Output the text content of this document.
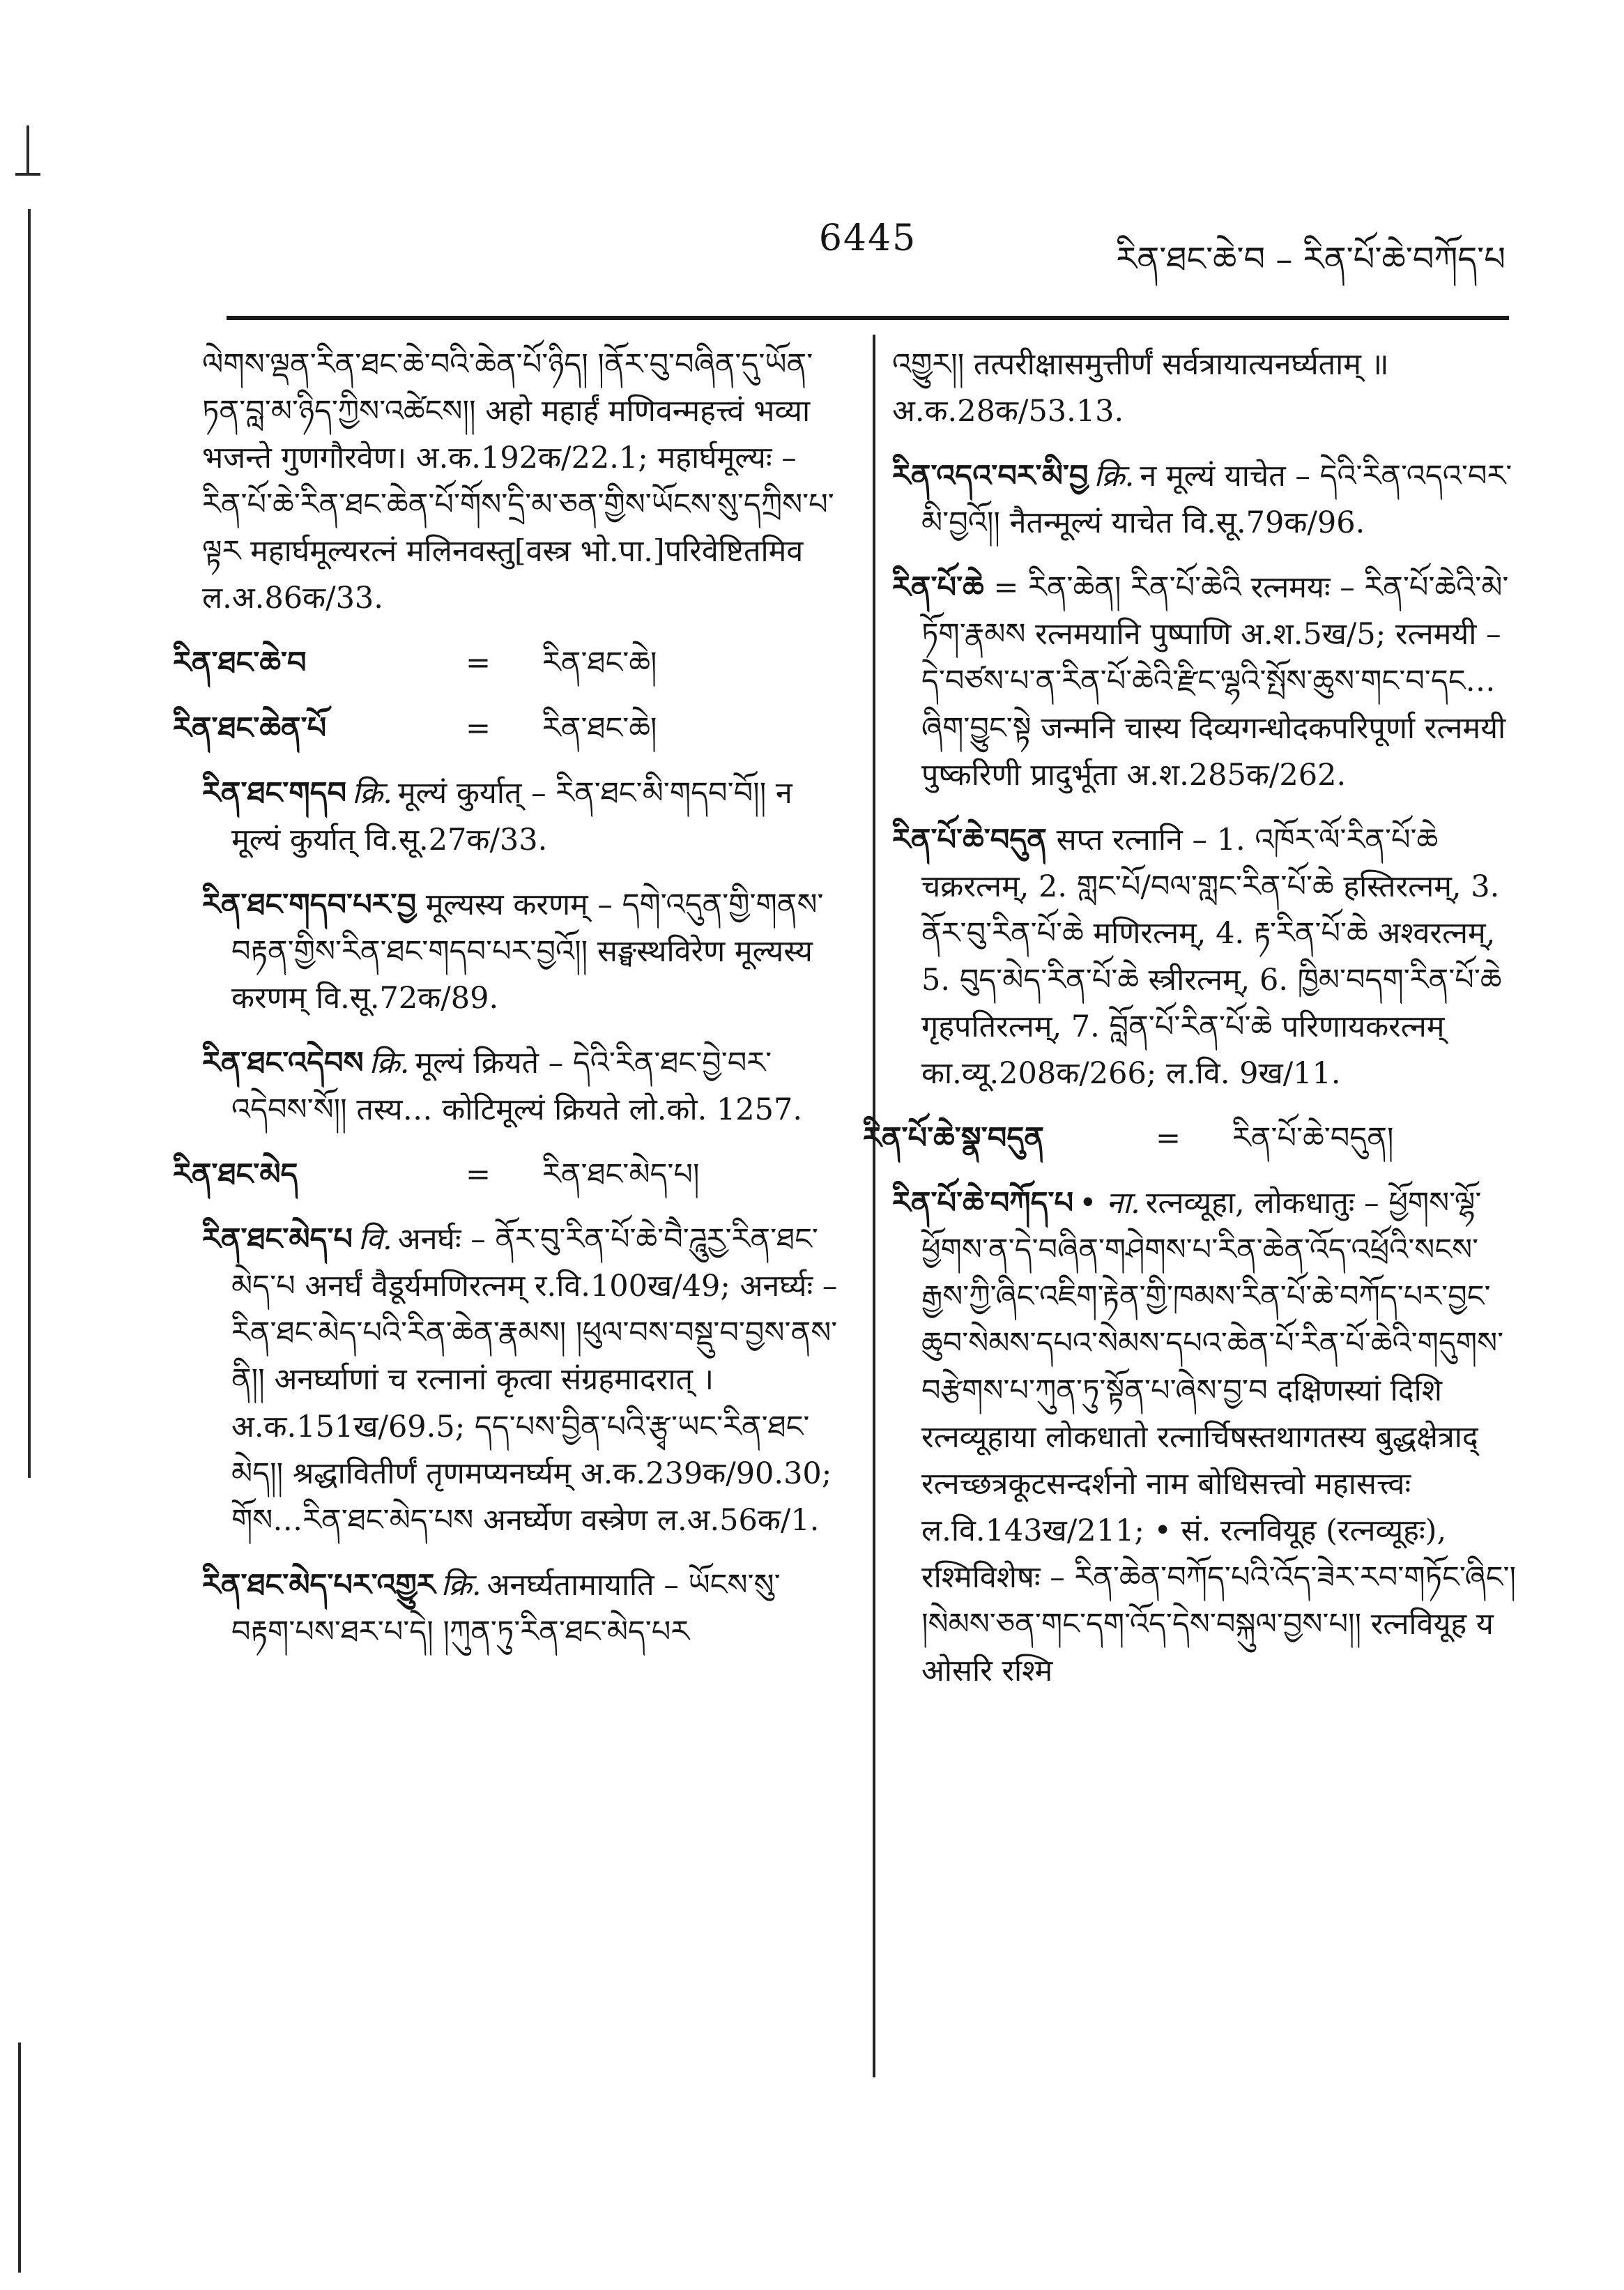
6445	རིན་ཐང་ཆེ་བ – རིན་པོ་ཆེ་བཀོད་པ

ལེགས་ལྡན་རིན་ཐང་ཆེ་བའི་ཆེན་པོ་ཉིད། །ནོར་བུ་བཞིན་དུ་ཡོན་ཏན་བླ་མ་ཉིད་ཀྱིས་འཚེངས།། अहो महार्हं मणिवन्महत्त्वं भव्या भजन्ते गुणगौरवेण। अ.क.192क/22.1; महार्घमूल्यः – རིན་པོ་ཆེ་རིན་ཐང་ཆེན་པོ་གོས་དྲི་མ་ཅན་གྱིས་ཡོངས་སུ་དཀྲིས་པ་ལྟར महार्घमूल्यरत्नं मलिनवस्तु[वस्त्र भो.पा.]परिवेष्टितमिव ल.अ.86क/33.

རིན་ཐང་ཆེ་བ	=	རིན་ཐང་ཆེ།
རིན་ཐང་ཆེན་པོ	=	རིན་ཐང་ཆེ།

རིན་ཐང་གདབ क्रि. मूल्यं कुर्यात् – རིན་ཐང་མི་གདབ་བོ།། न मूल्यं कुर्यात् वि.सू.27क/33.

རིན་ཐང་གདབ་པར་བྱ मूल्यस्य करणम् – དགེ་འདུན་གྱི་གནས་བརྟན་གྱིས་རིན་ཐང་གདབ་པར་བྱའོ།། सङ्घस्थविरेण मूल्यस्य करणम् वि.सू.72क/89.

རིན་ཐང་འདེབས क्रि. मूल्यं क्रियते – དེའི་རིན་ཐང་བྱེ་བར་འདེབས་སོ།། तस्य… कोटिमूल्यं क्रियते लो.को. 1257.

རིན་ཐང་མེད	=	རིན་ཐང་མེད་པ།

རིན་ཐང་མེད་པ वि. अनर्घः – ནོར་བུ་རིན་པོ་ཆེ་བཻ་ཌཱུརྱ་རིན་ཐང་མེད་པ अनर्घं वैडूर्यमणिरत्नम् र.वि.100ख/49; अनर्घ्यः – རིན་ཐང་མེད་པའི་རིན་ཆེན་རྣམས། །ཕུལ་བས་བསྡུ་བ་བྱས་ནས་ནི།། अनर्घ्याणां च रत्नानां कृत्वा संग्रहमादरात् । अ.क.151ख/69.5; དད་པས་བྱིན་པའི་རྩྭ་ཡང་རིན་ཐང་མེད།། श्रद्धावितीर्णं तृणमप्यनर्घ्यम् अ.क.239क/90.30; གོས…རིན་ཐང་མེད་པས अनर्घ्येण वस्त्रेण ल.अ.56क/1.

རིན་ཐང་མེད་པར་འགྱུར क्रि. अनर्घ्यतामायाति – ཡོངས་སུ་བརྟག་པས་ཐར་པ་དེ། །ཀུན་ཏུ་རིན་ཐང་མེད་པར

འགྱུར།། तत्परीक्षासमुत्तीर्णं सर्वत्रायात्यनर्घ्यताम् ॥ अ.क.28क/53.13.

རིན་འདའ་བར་མི་བྱ क्रि. न मूल्यं याचेत – དེའི་རིན་འདའ་བར་མི་བྱའོ།། नैतन्मूल्यं याचेत वि.सू.79क/96.

རིན་པོ་ཆེ = རིན་ཆེན། རིན་པོ་ཆེའི रत्नमयः – རིན་པོ་ཆེའི་མེ་ཏོག་རྣམས रत्नमयानि पुष्पाणि अ.श.5ख/5; रत्नमयी – དེ་བཙས་པ་ན་རིན་པོ་ཆེའི་རྫིང་ལྷའི་སྤོས་ཆུས་གང་བ་དང…ཞིག་བྱུང་སྟེ जन्मनि चास्य दिव्यगन्धोदकपरिपूर्णा रत्नमयी पुष्करिणी प्रादुर्भूता अ.श.285क/262.

རིན་པོ་ཆེ་བདུན सप्त रत्नानि – 1. འཁོར་ལོ་རིན་པོ་ཆེ चक्ररत्नम्, 2. གླང་པོ/བལ་གླང་རིན་པོ་ཆེ हस्तिरत्नम्, 3. ནོར་བུ་རིན་པོ་ཆེ मणिरत्नम्, 4. རྟ་རིན་པོ་ཆེ अश्वरत्नम्, 5. བུད་མེད་རིན་པོ་ཆེ स्त्रीरत्नम्, 6. ཁྱིམ་བདག་རིན་པོ་ཆེ गृहपतिरत्नम्, 7. བློན་པོ་རིན་པོ་ཆེ परिणायकरत्नम् का.व्यू.208क/266; ल.वि. 9ख/11.

རིན་པོ་ཆེ་སྣ་བདུན	=	རིན་པོ་ཆེ་བདུན།

རིན་པོ་ཆེ་བཀོད་པ • ना. रत्नव्यूहा, लोकधातुः – ཕྱོགས་ལྷོ་ཕྱོགས་ན་དེ་བཞིན་གཤེགས་པ་རིན་ཆེན་འོད་འཕྲོའི་སངས་རྒྱས་ཀྱི་ཞིང་འཇིག་རྟེན་གྱི་ཁམས་རིན་པོ་ཆེ་བཀོད་པར་བྱང་ཆུབ་སེམས་དཔའ་སེམས་དཔའ་ཆེན་པོ་རིན་པོ་ཆེའི་གདུགས་བརྩེགས་པ་ཀུན་ཏུ་སྟོན་པ་ཞེས་བྱ་བ दक्षिणस्यां दिशि रत्नव्यूहाया लोकधातो रत्नार्चिषस्तथागतस्य बुद्धक्षेत्राद् रत्नच्छत्रकूटसन्दर्शनो नाम बोधिसत्त्वो महासत्त्वः ल.वि.143ख/211; • सं. रत्नवियूह (रत्नव्यूहः), रश्मिविशेषः – རིན་ཆེན་བཀོད་པའི་འོད་ཟེར་རབ་གཏོང་ཞིང་། །སེམས་ཅན་གང་དག་འོད་དེས་བསྐུལ་བྱས་པ།། रत्नवियूह य ओसरि रश्मि
